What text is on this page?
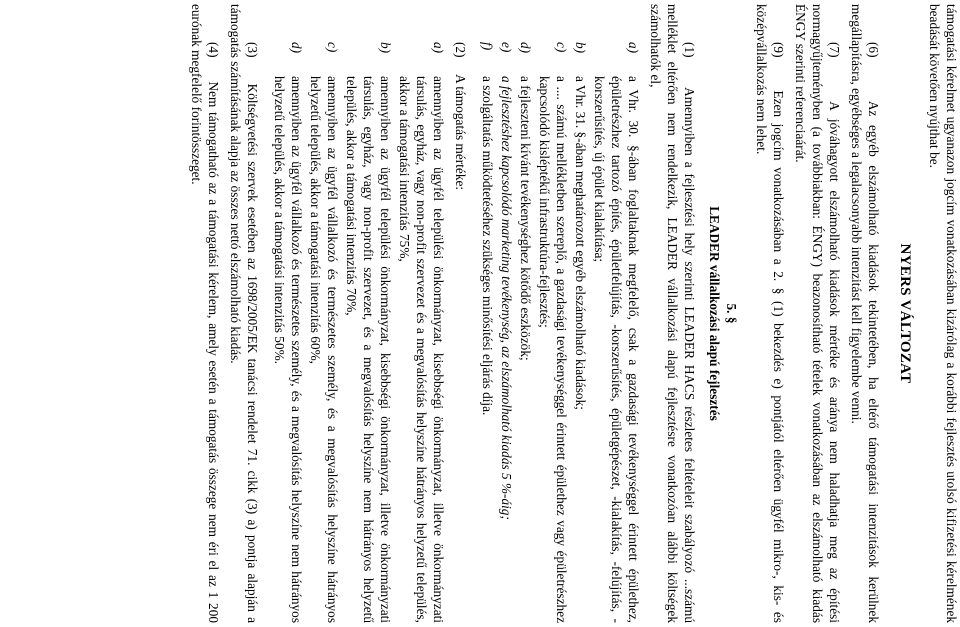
támogatási kérelmet ugyanazon jogcím vonatkozásában kizárólag a korábbi fejlesztés utolsó kifizetési kérelmének beadását követően nyújthat be.

NYERS VÁLTOZAT

(6)     Az egyéb elszámolható kiadások tekintetében, ha eltérő támogatási intenzitások kerülnek megállapításra, egyébséges a legalacsonyabb intenzitást kell figyelembe venni.

(7)     A jóváhagyott elszámolható kiadások mértéke és aránya nem haladhatja meg az építési normagyűjteményben (a továbbiakban: ÉNGY) beazonosítható tételek vonatkozásában az elszámolható kiadás ÉNGY szerinti referenciaárát.

(9)     Ezen jogcím vonatkozásában a 2. § (1) bekezdés e) pontjától eltérően ügyfél mikro-, kis- és középvállalkozás nem lehet.

5. §
LEADER vállalkozási alapú fejlesztés

(1)     Amennyiben a fejlesztési hely szerinti LEADER HACS részletes feltételeit szabályozó ...számú melléklet eltérően nem rendelkezik, LEADER vállalkozási alapú fejlesztésre vonatkozóan alábbi költségek számolhatók el,

a)
a Vhr. 30. §-ában foglaltaknak megfelelő, csak a gazdasági tevékenységgel érintett épülethez, épületrészhez tartozó építés, épületfelújítás, -korszerűsítés, épületgépészet, -kialakítás, -felújítás, -korszerűsítés, új épület kialakítása;
b)
a Vhr. 31. §-ában meghatározott egyéb elszámolható kiadások;
c)
a .... számú mellékletben szereplő, a gazdasági tevékenységgel érintett épülethez vagy épületrészhez kapcsolódó kisléptékű infrastruktúra-fejlesztés;
d)
a fejleszteni kívánt tevékenységhez kötődő eszközök;
e)
a fejlesztéshez kapcsolódó marketing tevékenység, az elszámolható kiadás 5 %-áig;
f)
a szolgáltatás működtetéséhez szükséges minősítési eljárás díja.

(2)     A támogatás mértéke:

a)
amennyiben az ügyfél települési önkormányzat, kisebbségi önkormányzat, illetve önkormányzati társulás, egyház, vagy non-profit szervezet és a megvalósítás helyszíne hátrányos helyzetű település, akkor a támogatási intenzitás 75%,
b)
amennyiben az ügyfél települési önkormányzat, kisebbségi önkormányzat, illetve önkormányzati társulás, egyház, vagy non-profit szervezet, és a megvalósítás helyszíne nem hátrányos helyzetű település, akkor a támogatási intenzitás 70%,
c)
amennyiben az ügyfél vállalkozó és természetes személy, és a megvalósítás helyszíne hátrányos helyzetű település, akkor a támogatási intenzitás 60%,
d)
amennyiben az ügyfél vállalkozó és természetes személy, és a megvalósítás helyszíne nem hátrányos helyzetű település, akkor a támogatási intenzitás 50%.

(3)     Költségvetési szervek esetében az 1698/2005/EK tanácsi rendelet 71. cikk (3) a) pontja alapján a támogatás számításának alapja az összes nettó elszámolható kiadás.

(4)     Nem támogatható az a támogatási kérelem, amely esetén a támogatás összege nem éri el az 1 200 eurónak megfelelő forintösszeget.
